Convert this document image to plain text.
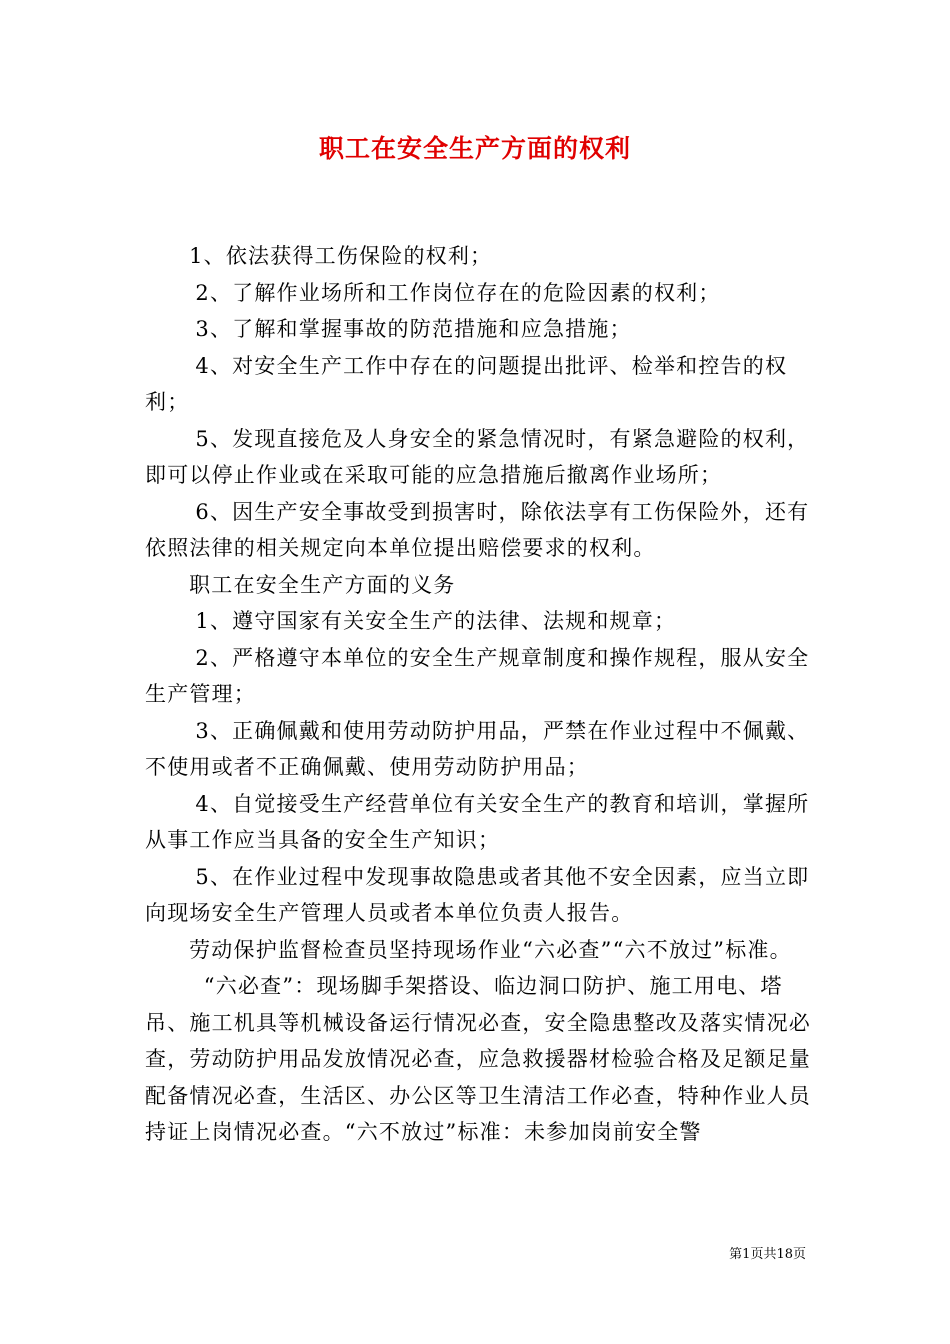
职工在安全生产方面的权利

1、依法获得工伤保险的权利；

2、了解作业场所和工作岗位存在的危险因素的权利；

3、了解和掌握事故的防范措施和应急措施；

4、对安全生产工作中存在的问题提出批评、检举和控告的权利；

5、发现直接危及人身安全的紧急情况时，有紧急避险的权利，即可以停止作业或在采取可能的应急措施后撤离作业场所；

6、因生产安全事故受到损害时，除依法享有工伤保险外，还有依照法律的相关规定向本单位提出赔偿要求的权利。

职工在安全生产方面的义务

1、遵守国家有关安全生产的法律、法规和规章；

2、严格遵守本单位的安全生产规章制度和操作规程，服从安全生产管理；

3、正确佩戴和使用劳动防护用品，严禁在作业过程中不佩戴、不使用或者不正确佩戴、使用劳动防护用品；

4、自觉接受生产经营单位有关安全生产的教育和培训，掌握所从事工作应当具备的安全生产知识；

5、在作业过程中发现事故隐患或者其他不安全因素，应当立即向现场安全生产管理人员或者本单位负责人报告。

劳动保护监督检查员坚持现场作业“六必查”“六不放过”标准。

“六必查”：现场脚手架搭设、临边洞口防护、施工用电、塔吊、施工机具等机械设备运行情况必查，安全隐患整改及落实情况必查，劳动防护用品发放情况必查，应急救援器材检验合格及足额足量配备情况必查，生活区、办公区等卫生清洁工作必查，特种作业人员持证上岗情况必查。“六不放过”标准：未参加岗前安全警

第1页共18页
